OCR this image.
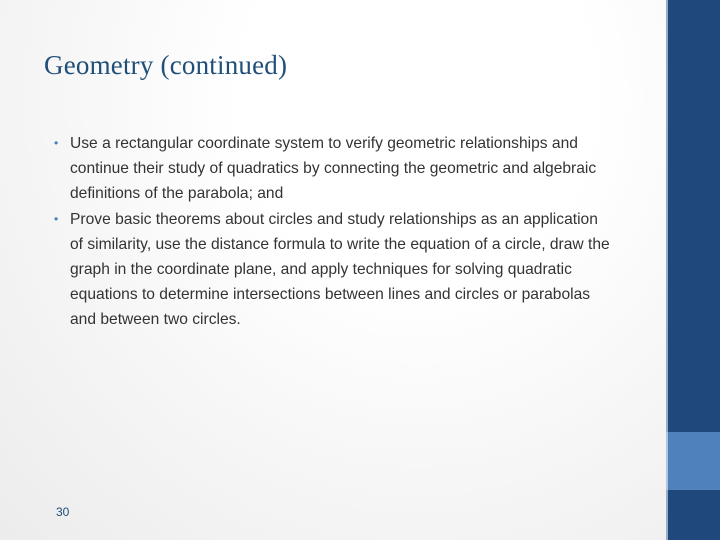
Geometry (continued)
• Use a rectangular coordinate system to verify geometric relationships and continue their study of quadratics by connecting the geometric and algebraic definitions of the parabola; and
• Prove basic theorems about circles and study relationships as an application of similarity, use the distance formula to write the equation of a circle, draw the graph in the coordinate plane, and apply techniques for solving quadratic equations to determine intersections between lines and circles or parabolas and between two circles.
30
